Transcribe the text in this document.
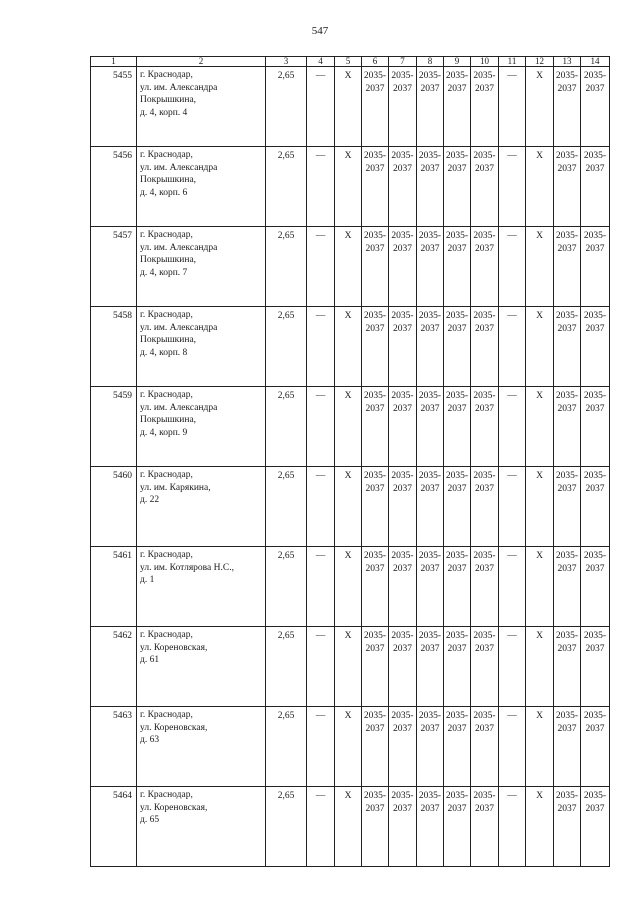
547
1	2	3	4	5	6	7	8	9	10	11	12	13	14
5455	г. Краснодар,
ул. им. Александра
Покрышкина,
д. 4, корп. 4	2,65	—	X	2035-
2037	2035-
2037	2035-
2037	2035-
2037	2035-
2037	—	X	2035-
2037	2035-
2037

5456	г. Краснодар,
ул. им. Александра
Покрышкина,
д. 4, корп. 6	2,65	—	X	2035-
2037	2035-
2037	2035-
2037	2035-
2037	2035-
2037	—	X	2035-
2037	2035-
2037

5457	г. Краснодар,
ул. им. Александра
Покрышкина,
д. 4, корп. 7	2,65	—	X	2035-
2037	2035-
2037	2035-
2037	2035-
2037	2035-
2037	—	X	2035-
2037	2035-
2037

5458	г. Краснодар,
ул. им. Александра
Покрышкина,
д. 4, корп. 8	2,65	—	X	2035-
2037	2035-
2037	2035-
2037	2035-
2037	2035-
2037	—	X	2035-
2037	2035-
2037

5459	г. Краснодар,
ул. им. Александра
Покрышкина,
д. 4, корп. 9	2,65	—	X	2035-
2037	2035-
2037	2035-
2037	2035-
2037	2035-
2037	—	X	2035-
2037	2035-
2037

5460	г. Краснодар,
ул. им. Карякина,
д. 22	2,65	—	X	2035-
2037	2035-
2037	2035-
2037	2035-
2037	2035-
2037	—	X	2035-
2037	2035-
2037

5461	г. Краснодар,
ул. им. Котлярова Н.С.,
д. 1	2,65	—	X	2035-
2037	2035-
2037	2035-
2037	2035-
2037	2035-
2037	—	X	2035-
2037	2035-
2037

5462	г. Краснодар,
ул. Кореновская,
д. 61	2,65	—	X	2035-
2037	2035-
2037	2035-
2037	2035-
2037	2035-
2037	—	X	2035-
2037	2035-
2037

5463	г. Краснодар,
ул. Кореновская,
д. 63	2,65	—	X	2035-
2037	2035-
2037	2035-
2037	2035-
2037	2035-
2037	—	X	2035-
2037	2035-
2037

5464	г. Краснодар,
ул. Кореновская,
д. 65	2,65	—	X	2035-
2037	2035-
2037	2035-
2037	2035-
2037	2035-
2037	—	X	2035-
2037	2035-
2037
